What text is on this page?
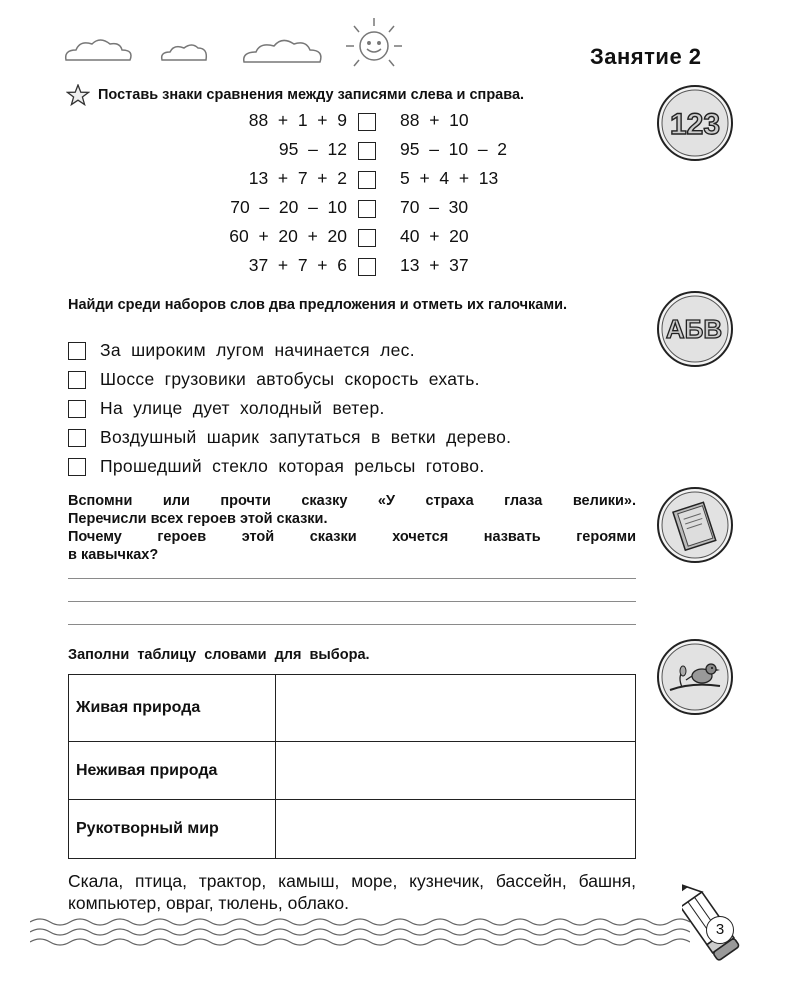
Занятие 2
Поставь знаки сравнения между записями слева и справа.
123
88  +  1  +  9	88  +  10
95  –  12	95  –  10  –  2
13  +  7  +  2	5  +  4  +  13
70  –  20  –  10	70  –  30
60  +  20  +  20	40  +  20
37  +  7  +  6	13  +  37
Найди среди наборов слов два предложения и отметь их галочками.
АБВ
За широким лугом начинается лес.
Шоссе грузовики автобусы скорость ехать.
На улице дует холодный ветер.
Воздушный шарик запутаться в ветки дерево.
Прошедший стекло которая рельсы готово.

Вспомни или прочти сказку «У страха глаза велики».

Перечисли всех героев этой сказки.

Почему героев этой сказки хочется назвать героями

в кавычках?

Заполни таблицу словами для выбора.
Живая природа	
Неживая природа	
Рукотворный мир	
Скала, птица, трактор, камыш, море, кузнечик, бассейн, башня, компьютер, овраг, тюлень, облако.
3
